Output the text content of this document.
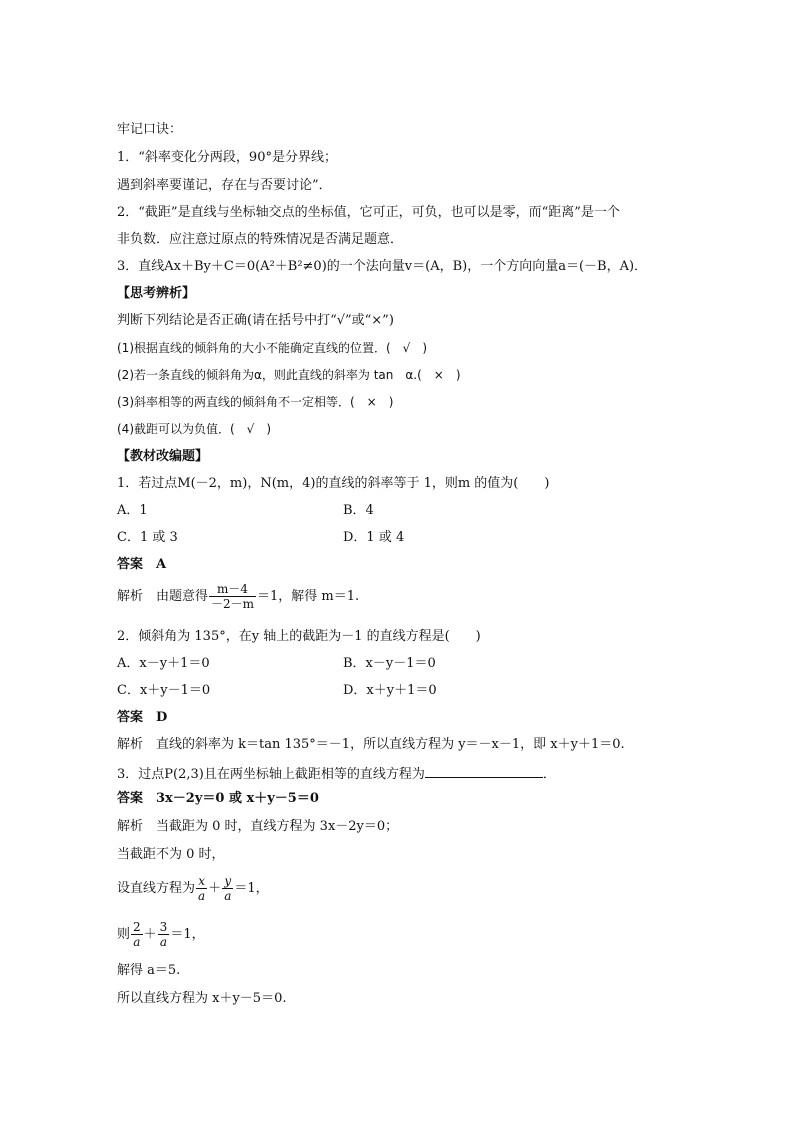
牢记口诀：
1．“斜率变化分两段，90°是分界线；
遇到斜率要谨记，存在与否要讨论”．
2．“截距”是直线与坐标轴交点的坐标值，它可正，可负，也可以是零，而“距离”是一个
非负数．应注意过原点的特殊情况是否满足题意．
3．直线Ax＋By＋C＝0(A²＋B²≠0)的一个法向量v＝(A，B)，一个方向向量a＝(－B，A)．
【思考辨析】
判断下列结论是否正确(请在括号中打“√”或“×”)
(1)根据直线的倾斜角的大小不能确定直线的位置．(　√　)
(2)若一条直线的倾斜角为α，则此直线的斜率为 tan　α.(　×　)
(3)斜率相等的两直线的倾斜角不一定相等．(　×　)
(4)截距可以为负值．(　√　)
【教材改编题】
1．若过点M(－2，m)，N(m，4)的直线的斜率等于 1，则m 的值为(　　)
A．1	B．4
C．1 或 3	D．1 或 4
答案　A
解析　由题意得 $\frac{m-4}{-2-m} =1$，解得 m＝1.
2．倾斜角为 135°，在y 轴上的截距为－1 的直线方程是(　　)
A．x－y＋1＝0	B．x－y－1＝0
C．x＋y－1＝0	D．x＋y＋1＝0
答案　D
解析　直线的斜率为 k＝tan 135°＝－1，所以直线方程为 y＝－x－1，即 x＋y＋1＝0.
3．过点P(2,3)且在两坐标轴上截距相等的直线方程为	．
答案　3x－2y＝0 或 x＋y－5＝0
解析　当截距为 0 时，直线方程为 3x－2y＝0；
当截距不为 0 时，
设直线方程为 $\frac{x}{a} + \frac{y}{a} =1$，
则 $\frac{2}{a} + \frac{3}{a} =1$，
解得 a＝5.
所以直线方程为 x＋y－5＝0.
